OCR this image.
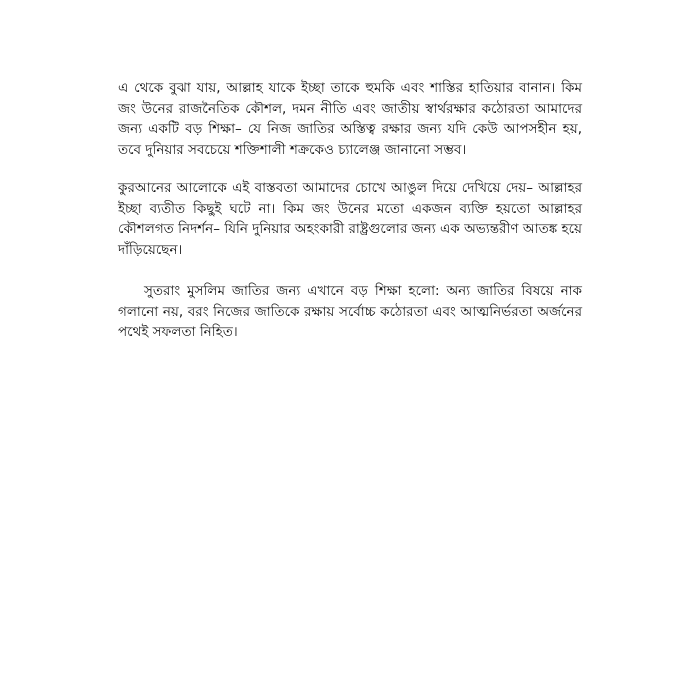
এ থেকে বুঝা যায়, আল্লাহ যাকে ইচ্ছা তাকে হুমকি এবং শাস্তির হাতিয়ার বানান। কিম জং উনের রাজনৈতিক কৌশল, দমন নীতি এবং জাতীয় স্বার্থরক্ষার কঠোরতা আমাদের জন্য একটি বড় শিক্ষা– যে নিজ জাতির অস্তিত্ব রক্ষার জন্য যদি কেউ আপসহীন হয়, তবে দুনিয়ার সবচেয়ে শক্তিশালী শক্রকেও চ্যালেঞ্জ জানানো সম্ভব।

কুরআনের আলোকে এই বাস্তবতা আমাদের চোখে আঙুল দিয়ে দেখিয়ে দেয়– আল্লাহর ইচ্ছা ব্যতীত কিছুই ঘটে না। কিম জং উনের মতো একজন ব্যক্তি হয়তো আল্লাহর কৌশলগত নিদর্শন– যিনি দুনিয়ার অহংকারী রাষ্ট্রগুলোর জন্য এক অভ্যন্তরীণ আতঙ্ক হয়ে দাঁড়িয়েছেন।

সুতরাং মুসলিম জাতির জন্য এখানে বড় শিক্ষা হলো: অন্য জাতির বিষয়ে নাক গলানো নয়, বরং নিজের জাতিকে রক্ষায় সর্বোচ্চ কঠোরতা এবং আত্মনির্ভরতা অর্জনের পথেই সফলতা নিহিত।
